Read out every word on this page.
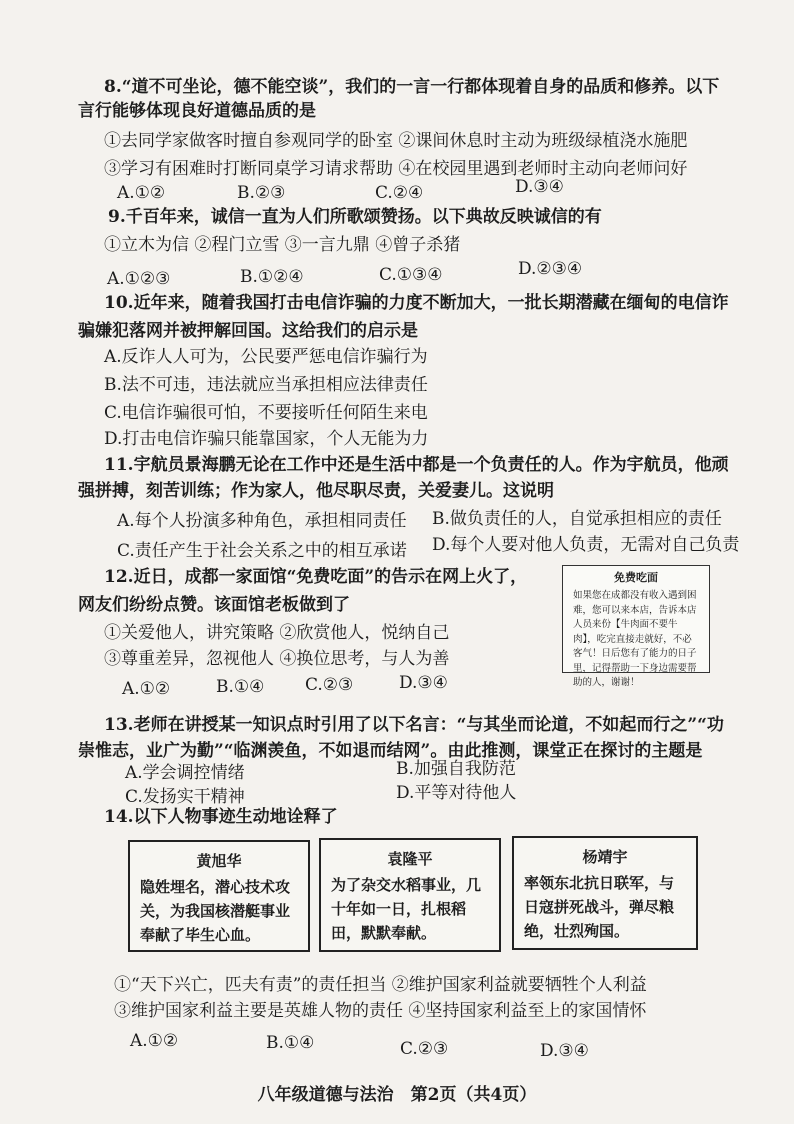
8.“道不可坐论，德不能空谈”，我们的一言一行都体现着自身的品质和修养。以下
言行能够体现良好道德品质的是
①去同学家做客时擅自参观同学的卧室 ②课间休息时主动为班级绿植浇水施肥
③学习有困难时打断同桌学习请求帮助 ④在校园里遇到老师时主动向老师问好
A.①②	B.②③	C.②④	D.③④
9.千百年来，诚信一直为人们所歌颂赞扬。以下典故反映诚信的有
①立木为信 ②程门立雪 ③一言九鼎 ④曾子杀猪
A.①②③	B.①②④	C.①③④	D.②③④
10.近年来，随着我国打击电信诈骗的力度不断加大，一批长期潜藏在缅甸的电信诈
骗嫌犯落网并被押解回国。这给我们的启示是
A.反诈人人可为，公民要严惩电信诈骗行为
B.法不可违，违法就应当承担相应法律责任
C.电信诈骗很可怕，不要接听任何陌生来电
D.打击电信诈骗只能靠国家，个人无能为力
11.宇航员景海鹏无论在工作中还是生活中都是一个负责任的人。作为宇航员，他顽
强拼搏，刻苦训练；作为家人，他尽职尽责，关爱妻儿。这说明
A.每个人扮演多种角色，承担相同责任 B.做负责任的人，自觉承担相应的责任
C.责任产生于社会关系之中的相互承诺 D.每个人要对他人负责，无需对自己负责
12.近日，成都一家面馆“免费吃面”的告示在网上火了，
网友们纷纷点赞。该面馆老板做到了
①关爱他人，讲究策略 ②欣赏他人，悦纳自己
③尊重差异，忽视他人 ④换位思考，与人为善
A.①②	B.①④ C.②③	D.③④
免费吃面
如果您在成都没有收入遇到困难，您可以来本店，告诉本店人员来份【牛肉面不要牛肉】，吃完直接走就好，不必客气！日后您有了能力的日子里，记得帮助一下身边需要帮助的人，谢谢！
13.老师在讲授某一知识点时引用了以下名言：“与其坐而论道，不如起而行之”“功
崇惟志，业广为勤”“临渊羡鱼，不如退而结网”。由此推测，课堂正在探讨的主题是
A.学会调控情绪	B.加强自我防范
C.发扬实干精神	D.平等对待他人
14.以下人物事迹生动地诠释了
黄旭华
隐姓埋名，潜心技术攻关，为我国核潜艇事业奉献了毕生心血。
袁隆平
为了杂交水稻事业，几十年如一日，扎根稻田，默默奉献。
杨靖宇
率领东北抗日联军，与日寇拼死战斗，弹尽粮绝，壮烈殉国。
①“天下兴亡，匹夫有责”的责任担当 ②维护国家利益就要牺牲个人利益
③维护国家利益主要是英雄人物的责任 ④坚持国家利益至上的家国情怀
A.①②	B.①④	C.②③	D.③④
八年级道德与法治　第2页（共4页）
